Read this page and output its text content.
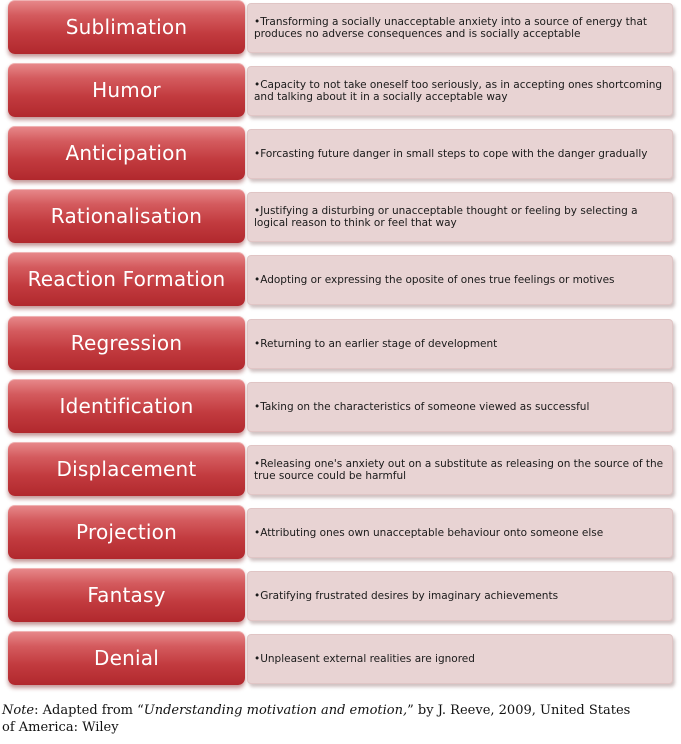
Sublimation	•Transforming a socially unacceptable anxiety into a source of energy that produces no adverse consequences and is socially acceptable
Humor	•Capacity to not take oneself too seriously, as in accepting ones shortcoming and talking about it in a socially acceptable way
Anticipation	•Forcasting future danger in small steps to cope with the danger gradually
Rationalisation	•Justifying a disturbing or unacceptable thought or feeling by selecting a logical reason to think or feel that way
Reaction Formation	•Adopting or expressing the oposite of ones true feelings or motives
Regression	•Returning to an earlier stage of development
Identification	•Taking on the characteristics of someone viewed as successful
Displacement	•Releasing one's anxiety out on a substitute as releasing on the source of the true source could be harmful
Projection	•Attributing ones own unacceptable behaviour onto someone else
Fantasy	•Gratifying frustrated desires by imaginary achievements
Denial	•Unpleasent external realities are ignored
Note: Adapted from “Understanding motivation and emotion,” by J. Reeve, 2009, United States of America: Wiley
